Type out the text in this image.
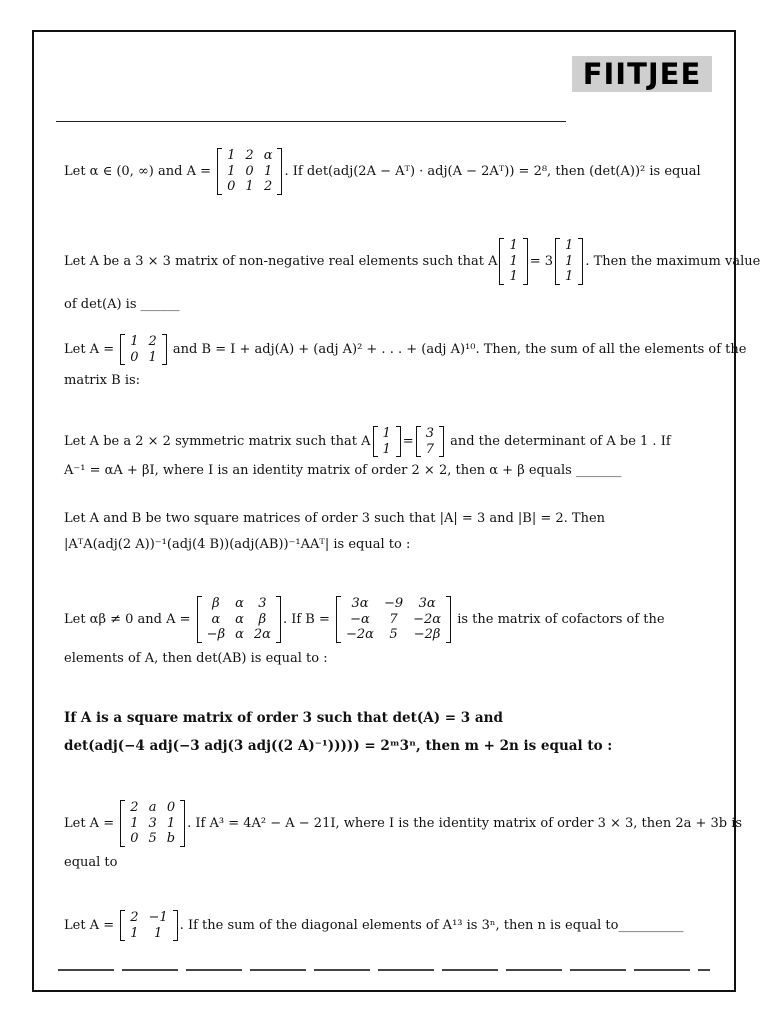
FIITJEE
Let α ∈ (0, ∞) and A =
1	2	α
1	0	1
0	1	2
. If det(adj(2A − Aᵀ) · adj(A − 2Aᵀ)) = 2⁸, then (det(A))² is equal
Let A be a 3 × 3 matrix of non-negative real elements such that A
1
1
1
= 3
1
1
1
. Then the maximum value
of det(A) is ______
Let A =
1	2
0	1
and B = I + adj(A) + (adj A)² + . . . + (adj A)¹⁰. Then, the sum of all the elements of the
matrix B is:
Let A be a 2 × 2 symmetric matrix such that A
1
1
=
3
7
and the determinant of A be 1 . If
A⁻¹ = αA + βI, where I is an identity matrix of order 2 × 2, then α + β equals _______
Let A and B be two square matrices of order 3 such that |A| = 3 and |B| = 2. Then
|AᵀA(adj(2 A))⁻¹(adj(4 B))(adj(AB))⁻¹AAᵀ| is equal to :
Let αβ ≠ 0 and A =
β	α	3
α	α	β
−β	α	2α
. If B =
3α	−9	3α
−α	7	−2α
−2α	5	−2β
is the matrix of cofactors of the
elements of A, then det(AB) is equal to :
If A is a square matrix of order 3 such that det(A) = 3 and
det(adj(−4 adj(−3 adj(3 adj((2 A)⁻¹))))) = 2ᵐ3ⁿ, then m + 2n is equal to :
Let A =
2	a	0
1	3	1
0	5	b
. If A³ = 4A² − A − 21I, where I is the identity matrix of order 3 × 3, then 2a + 3b is
equal to
Let A =
2	−1
1	1
. If the sum of the diagonal elements of A¹³ is 3ⁿ, then n is equal to__________
